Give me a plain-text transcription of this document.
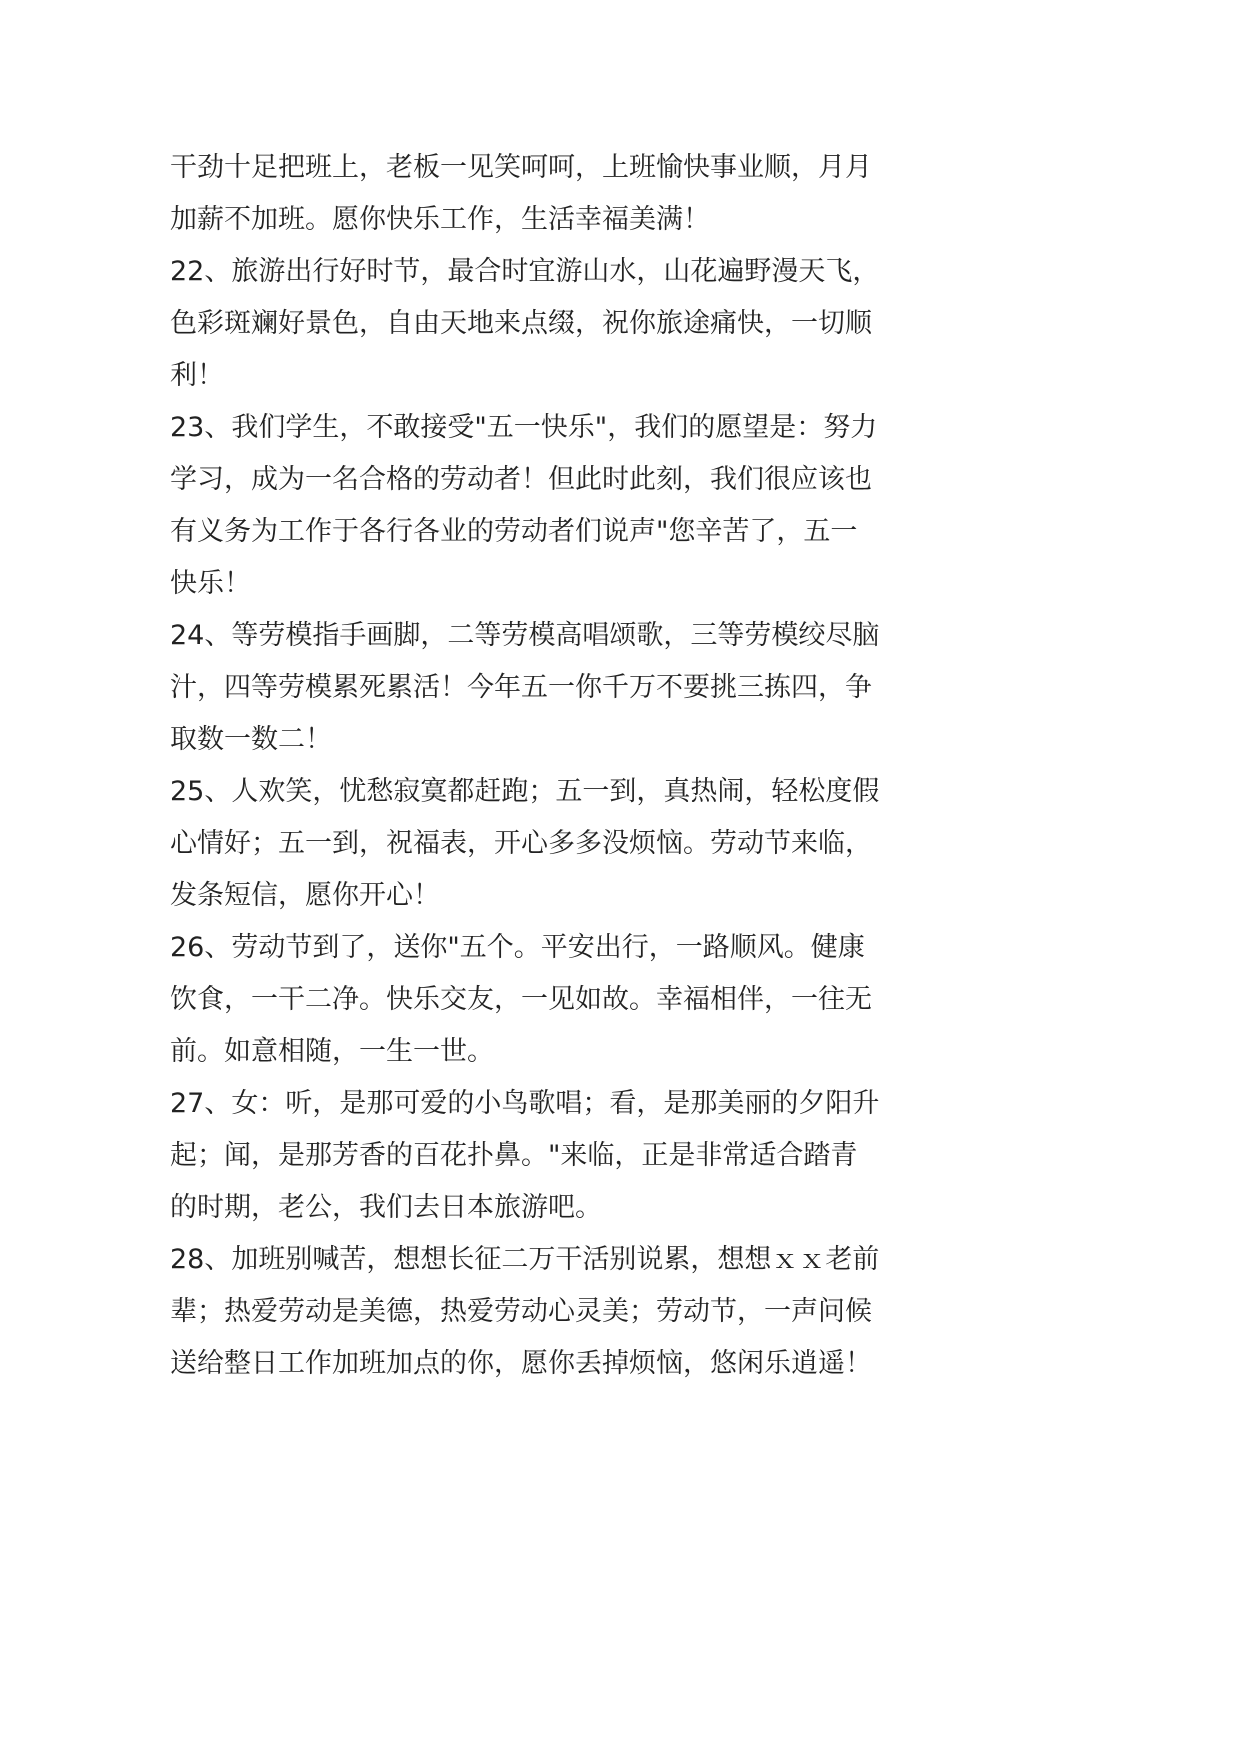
干劲十足把班上，老板一见笑呵呵，上班愉快事业顺，月月
加薪不加班。愿你快乐工作，生活幸福美满！
22、旅游出行好时节，最合时宜游山水，山花遍野漫天飞，
色彩斑斓好景色，自由天地来点缀，祝你旅途痛快，一切顺
利！
23、我们学生，不敢接受"五一快乐"，我们的愿望是：努力
学习，成为一名合格的劳动者！但此时此刻，我们很应该也
有义务为工作于各行各业的劳动者们说声"您辛苦了，五一
快乐！
24、等劳模指手画脚，二等劳模高唱颂歌，三等劳模绞尽脑
汁，四等劳模累死累活！今年五一你千万不要挑三拣四，争
取数一数二！
25、人欢笑，忧愁寂寞都赶跑；五一到，真热闹，轻松度假
心情好；五一到，祝福表，开心多多没烦恼。劳动节来临，
发条短信，愿你开心！
26、劳动节到了，送你"五个。平安出行，一路顺风。健康
饮食，一干二净。快乐交友，一见如故。幸福相伴，一往无
前。如意相随，一生一世。
27、女：听，是那可爱的小鸟歌唱；看，是那美丽的夕阳升
起；闻，是那芳香的百花扑鼻。"来临，正是非常适合踏青
的时期，老公，我们去日本旅游吧。
28、加班别喊苦，想想长征二万干活别说累，想想ｘｘ老前
辈；热爱劳动是美德，热爱劳动心灵美；劳动节，一声问候
送给整日工作加班加点的你，愿你丢掉烦恼，悠闲乐逍遥！
